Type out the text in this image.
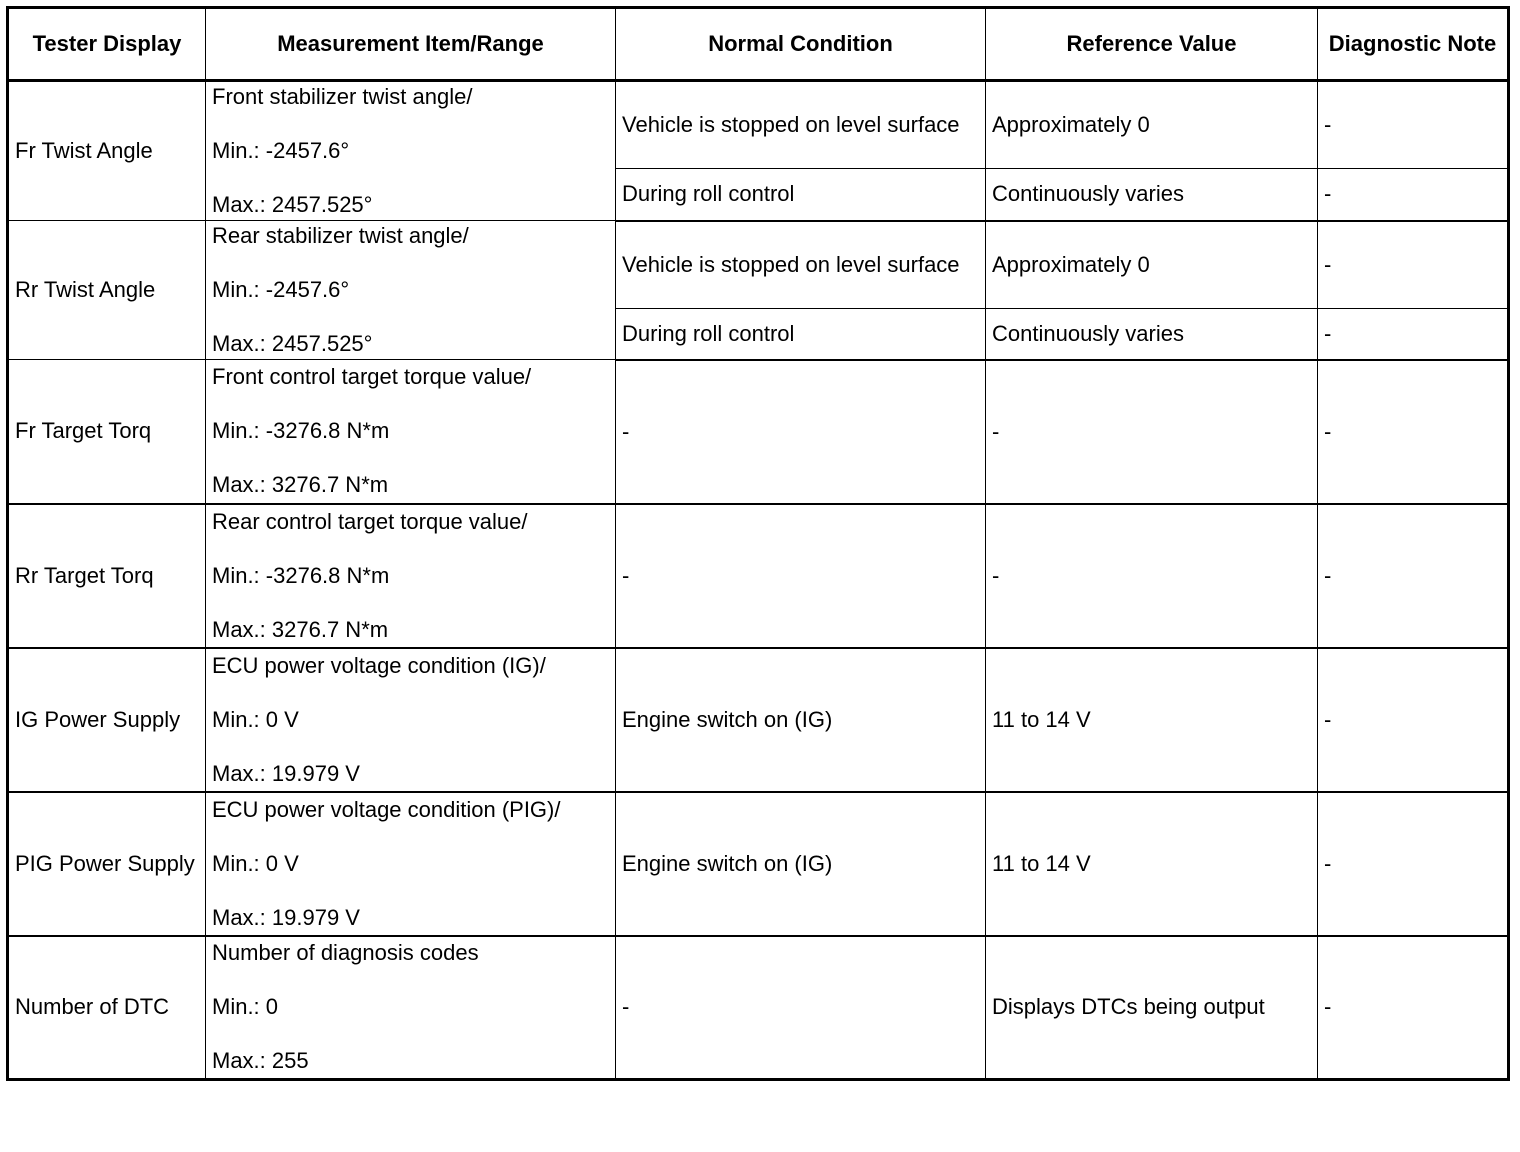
Tester Display	Measurement Item/Range	Normal Condition	Reference Value	Diagnostic Note
Fr Twist Angle	Front stabilizer twist angle/
Min.: -2457.6°
Max.: 2457.525°	Vehicle is stopped on level surface	Approximately 0	-
		During roll control	Continuously varies	-
Rr Twist Angle	Rear stabilizer twist angle/
Min.: -2457.6°
Max.: 2457.525°	Vehicle is stopped on level surface	Approximately 0	-
		During roll control	Continuously varies	-
Fr Target Torq	Front control target torque value/
Min.: -3276.8 N*m
Max.: 3276.7 N*m	-	-	-
Rr Target Torq	Rear control target torque value/
Min.: -3276.8 N*m
Max.: 3276.7 N*m	-	-	-
IG Power Supply	ECU power voltage condition (IG)/
Min.: 0 V
Max.: 19.979 V	Engine switch on (IG)	11 to 14 V	-
PIG Power Supply	ECU power voltage condition (PIG)/
Min.: 0 V
Max.: 19.979 V	Engine switch on (IG)	11 to 14 V	-
Number of DTC	Number of diagnosis codes
Min.: 0
Max.: 255	-	Displays DTCs being output	-
